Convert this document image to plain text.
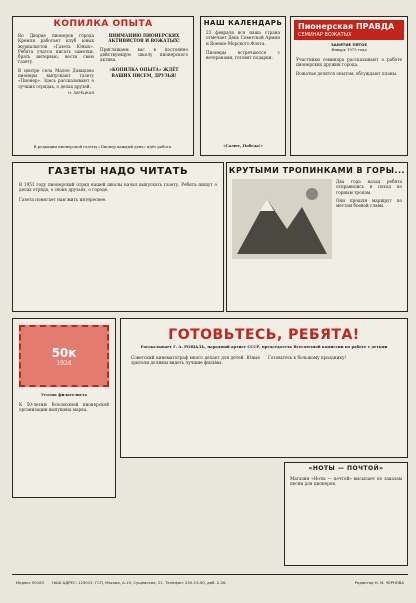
КОПИЛКА ОПЫТА
Во Дворце пионеров города Кремля работает клуб юных журналистов «Газета Юных». Ребята учатся писать заметки, брать интервью, вести свою газету.
В центре села Малое Давыдово пионеры выпускают газету «Пионер». Здесь рассказывают о лучших отрядах, о делах друзей.
Н. ЗАРЕЦКАЯ
ВНИМАНИЮ ПИОНЕРСКИХ АКТИВИСТОВ И ВОЖАТЫХ!
Приглашаем вас в постоянно действующую школу пионерского актива.
«КОПИЛКА ОПЫТА» ЖДЁТ ВАШИХ ПИСЕМ, ДРУЗЬЯ!
В редакции пионерской газеты «Пионер каждый день» идёт работа.
НАШ КАЛЕНДАРЬ
23 февраля вся наша страна отмечает День Советской Армии и Военно-Морского Флота.
Пионеры встречаются с ветеранами, готовят подарки.
«Салют, Победа!»
Пионерская ПРАВДА
СЕМИНАР ВОЖАТЫХ
ЗАНЯТИЕ ПЯТОЕ
Январь 1975 года
Участники семинара рассказывают о работе пионерских дружин города.
Вожатые делятся опытом, обсуждают планы.
ГАЗЕТЫ НАДО ЧИТАТЬ
В 1951 году пионерский отряд нашей школы начал выпускать газету. Ребята пишут о делах отряда, о своих друзьях, о городе.
Газета помогает нам жить интереснее.
КРУТЫМИ ТРОПИНКАМИ В ГОРЫ...
Два года назад ребята отправились в поход по горным тропам.
Они прошли маршрут по местам боевой славы.
50к
1924
Уголок филателиста
К 50-летию Всесоюзной пионерской организации выпущена марка.
ГОТОВЬТЕСЬ, РЕБЯТА!
Рассказывает Г. А. РОШАЛЬ, народный артист СССР, председатель Всесоюзной комиссии по работе с детьми
Советский кинематограф много делает для детей. Юные зрители должны видеть лучшие фильмы.
Готовьтесь к большому празднику!
«НОТЫ — ПОЧТОЙ»
Магазин «Ноты — почтой» высылает по заказам песни для пионеров.
Индекс 50163 НАШ АДРЕС: 125015, ГСП, Москва, А-15, Сущевская, 21. Телефон: 250-15-00, доб. 2-26.	Редактор Н. М. ЧЕРНОВА
